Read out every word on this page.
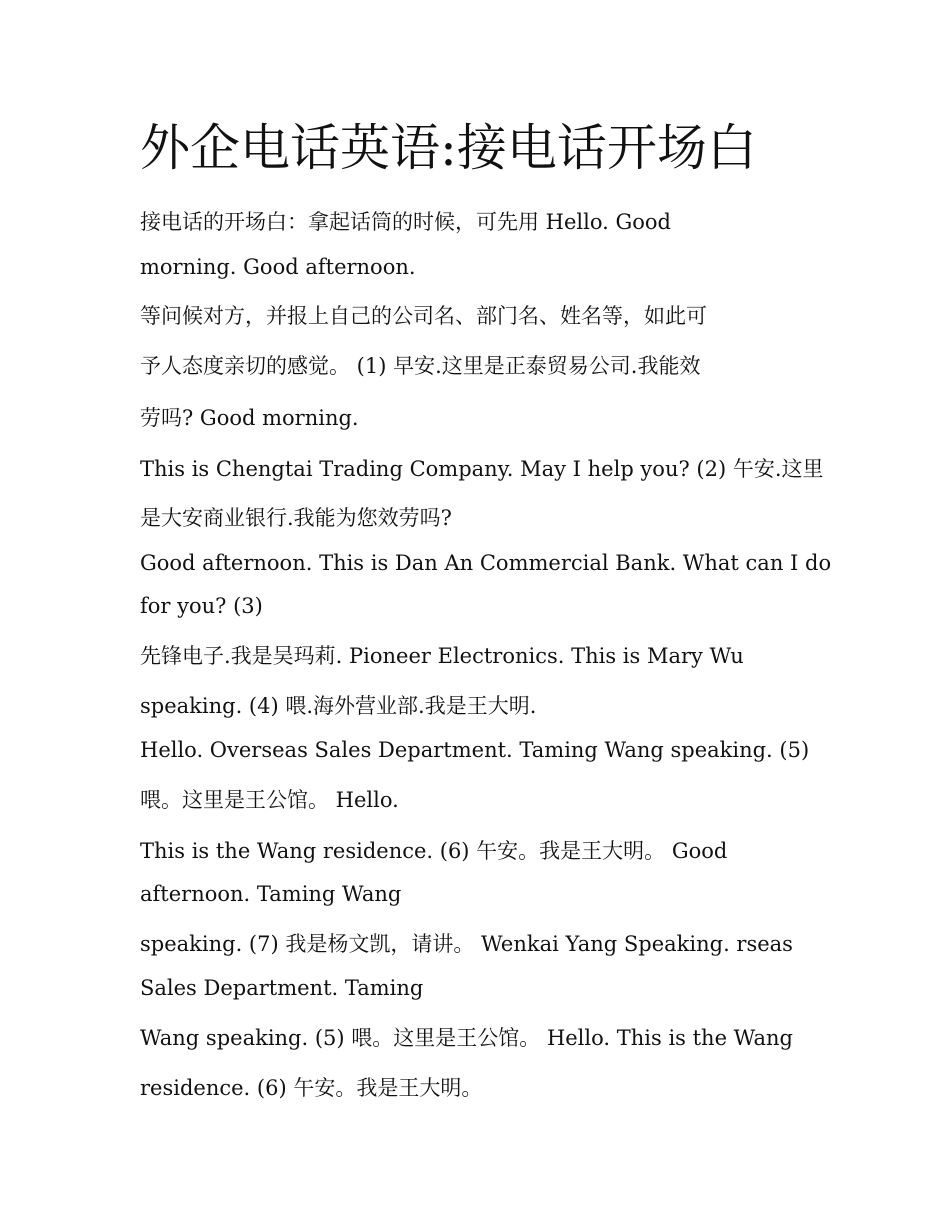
外企电话英语:接电话开场白

接电话的开场白：拿起话筒的时候，可先用 Hello. Good

morning. Good afternoon.

等问候对方，并报上自己的公司名、部门名、姓名等，如此可

予人态度亲切的感觉。 (1) 早安.这里是正泰贸易公司.我能效

劳吗? Good morning.

This is Chengtai Trading Company. May I help you? (2) 午安.这里

是大安商业银行.我能为您效劳吗?

Good afternoon. This is Dan An Commercial Bank. What can I do

for you? (3)

先锋电子.我是吴玛莉. Pioneer Electronics. This is Mary Wu

speaking. (4) 喂.海外营业部.我是王大明.

Hello. Overseas Sales Department. Taming Wang speaking. (5)

喂。这里是王公馆。 Hello.

This is the Wang residence. (6) 午安。我是王大明。 Good

afternoon. Taming Wang

speaking. (7) 我是杨文凯，请讲。 Wenkai Yang Speaking. rseas

Sales Department. Taming

Wang speaking. (5) 喂。这里是王公馆。 Hello. This is the Wang

residence. (6) 午安。我是王大明。
